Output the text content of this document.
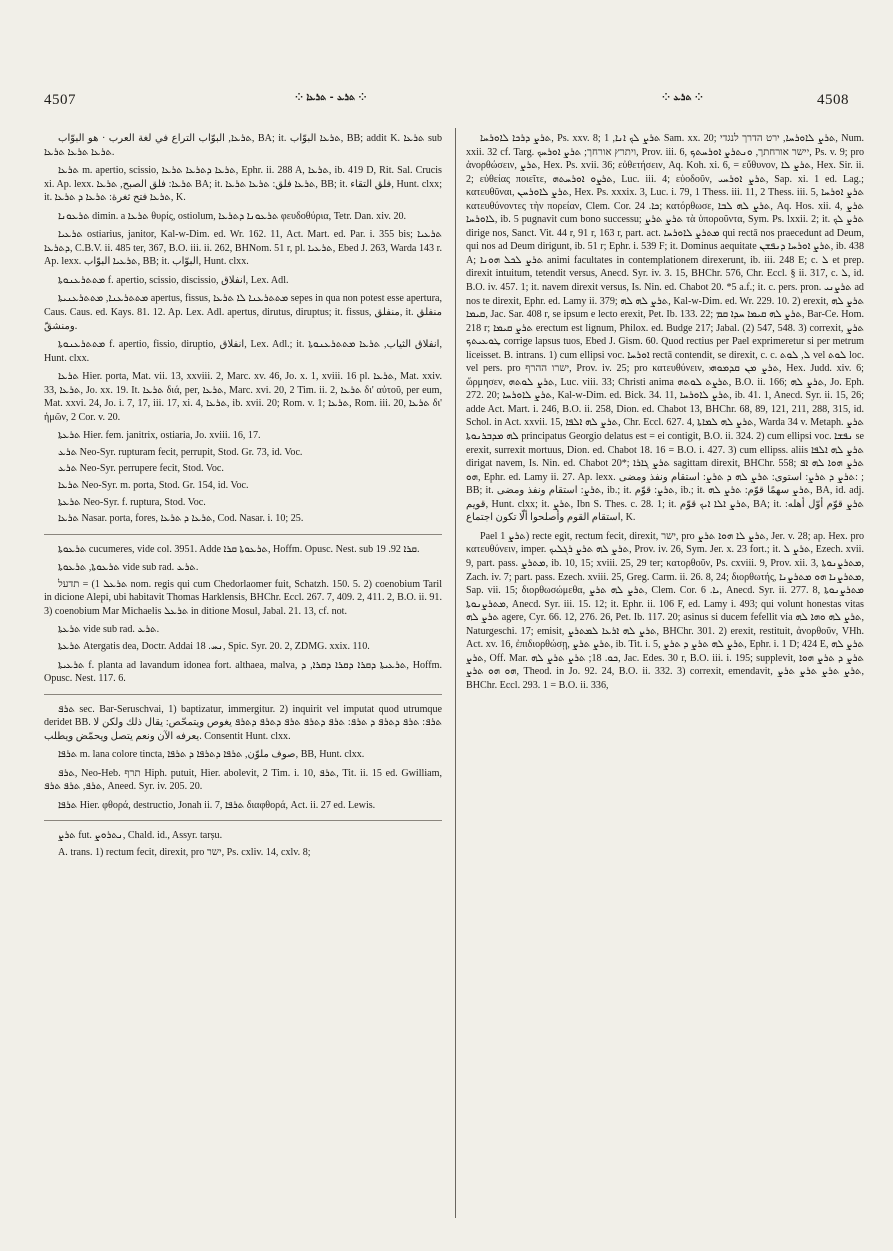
4507	⁘ ܬܪܥ - ܬܪܥܐ ⁘	⁘ ܬܪܥ ⁘	4508

ܬܪܥܐ, البوّاب التراع في لغة العرب · هو البوّاب, BA; it. ܬܪܥܐ البوّاب, BB; addit K. ܬܪܥܐ sub ܬܪܥܐ ܬܪܥܐ ܬܪܥܐ.

ܬܪܥܐ m. apertio, scissio, ܬܪܥܐ ܕܬܪܥܐ ܬܪܥܐ, Ephr. ii. 288 A, ܬܪܥܐ, ib. 419 D, Rit. Sal. Crucis xi. Ap. lexx. ܬܪܥܐ: فلق الصبح, ܬܪܥܐ BA; it. ܬܪܥܐ فلق: ܬܪܥܐ ܬܪܥܐ, BB; it. فلق التقاء, Hunt. clxx; it. ܬܪܥܐ فتح ثغرة: ܬܪܥܐ ܕ ܬܪܥܐ, K.

ܬܪܥܘܢܐ dimin. a ܬܪܥܐ θυρίς, ostiolum, ܬܪܥܘܢܐ ܕܬܪܥܐ φευδοθύρια, Tetr. Dan. xiv. 20.

ܬܪܥܝܐ ostiarius, janitor, Kal-w-Dim. ed. Wr. 162. 11, Act. Mart. ed. Par. i. 355 bis; ܬܪܥܝܐ ܕܬܪܥܐ, C.B.V. ii. 485 ter, 367, B.O. iii. ii. 262, BHNom. 51 r, pl. ܬܪܥܝܐ, Ebed J. 263, Warda 143 r. Ap. lexx. ܬܪܥܝܐ البوّاب, BB; it. البوّاب, Hunt. clxx.

ܡܬܬܪܥܢܘܬܐ f. apertio, scissio, discissio, انفلاق, Lex. Adl.

ܡܬܬܪܥܢܐ, ܡܬܬܪܥܢܝܬܐ apertus, fissus, ܡܬܬܪܥܢܐ ܠܐ ܬܪܥܐ sepes in qua non potest esse apertura, Caus. Caus. ed. Kays. 81. 12. Ap. Lex. Adl. apertus, dirutus, diruptus; it. fissus, منفلق, it. منفلق ومنشقّ.

ܡܬܬܪܥܢܘܬܐ f. apertio, fissio, diruptio, انفلاق, Lex. Adl.; it. انفلاق الثياب, ܬܪܥܐ ܡܬܬܪܥܢܘܬܐ, Hunt. clxx.

ܬܪܥܐ Hier. porta, Mat. vii. 13, xxviii. 2, Marc. xv. 46, Jo. x. 1, xviii. 16 pl. ܬܪܥܐ, Mat. xxiv. 33, ܬܪܥܐ, Jo. xx. 19. It. ܬܪܥܐ διά, per, ܬܪܥܐ, Marc. xvi. 20, 2 Tim. ii. 2, ܬܪܥܐ δι' αὐτοῦ, per eum, Mat. xxvi. 24, Jo. i. 7, 17, iii. 17, xi. 4, ܬܪܥܐ, ib. xvii. 20; Rom. v. 1; ܬܪܥܐ, Rom. iii. 20, ܬܪܥܐ δι' ἡμῶν, 2 Cor. v. 20.

ܬܪܥܬܐ Hier. fem. janitrix, ostiaria, Jo. xviii. 16, 17.

ܬܪܥ Neo-Syr. rupturam fecit, perrupit, Stod. Gr. 73, id. Voc.

ܬܪܥ Neo-Syr. perrupere fecit, Stod. Voc.

ܬܪܥܐ Neo-Syr. m. porta, Stod. Gr. 154, id. Voc.

ܬܪܥܬܐ Neo-Syr. f. ruptura, Stod. Voc.

ܬܪܥܐ Nasar. porta, fores, ܬܪܥܐ ܕ ܬܪܥܐ, Cod. Nasar. i. 10; 25.

ܬܪܥܘܬܐ cucumeres, vide col. 3951. Adde ܬܪܥܘܬܐ ܩܪܐ, Hoffm. Opusc. Nest. sub ܩܪܐ 92. 19.

ܬܪܥܘܬܐ, ܬܪܥܘܬܐ vide sub rad. ܬܪܥ.

ܬܪܥܠ 1) = תדעל nom. regis qui cum Chedorlaomer fuit, Schatzh. 150. 5. 2) coenobium Taril in dicione Alepi, ubi habitavit Thomas Harklensis, BHChr. Eccl. 267. 7, 409. 2, 411. 2, B.O. ii. 91. 3) coenobium Mar Michaelis ܬܪܥܠ in ditione Mosul, Jabal. 21. 13, cf. not.

ܬܪܥܬܐ vide sub rad. ܬܪܥ.

ܬܪܥܬܐ Atergatis dea, Doctr. Addai ܢܚ. 18, Spic. Syr. 20. 2, ZDMG. xxix. 110.

ܬܪܥܝܬܐ f. planta ad lavandum idonea fort. althaea, malva, ܬܪܥܝܬܐ ܕܩܪܐ ܕܩܪܐ ܕܩܪܐ, ܕ, Hoffm. Opusc. Nest. 117. 6.

ܬܪܦ sec. Bar-Seruschvai, 1) baptizatur, immergitur. 2) inquirit vel imputat quod utrumque deridet BB. ܬܪܦ: ܬܪܦ ܕܬܪܦ ܕ ܬܪܦ: ܬܪܦ ܕܬܪܦ ܬܪܦ ܕܬܪܦ ܕܬܪܦ يغوص ويتمحّص: يقال ذلك ولكن لا يعرفه الآن ونعم يتصل ويحمّض ويطلب. Consentit Hunt. clxx.

ܬܪܦܐ m. lana colore tincta, صوف ملوّن, ܬܪܦܐ ܕܬܪܦܐ ܕ ܬܪܦܐ, BB, Hunt. clxx.

ܬܪܦ, Neo-Heb. תרף Hiph. putuit, Hier. abolevit, 2 Tim. i. 10, ܬܪܦ, Tit. ii. 15 ed. Gwilliam, ܬܪܦ, ܬܪܦ ܬܪܦ, Aneed. Syr. iv. 205. 20.

ܬܪܦܐ Hier. φθορά, destructio, Jonah ii. 7, ܬܪܦܐ διαφθορά, Act. ii. 27 ed. Lewis.

ܬܪܨ fut. ܢܬܪܘܨ, Chald. id., Assyr. tarṣu.

A. trans. 1) rectum fecit, direxit, pro ישר, Ps. cxliv. 14, cxlv. 8;

ܬܪܨ ܕܪܟܐ ܠܐܘܪܚܐ, Ps. xxv. 8; ܬܪܨ ܠܟ ܐܢܐ, 1 Sam. xx. 20; ܬܪܨ ܠܐܘܪܚܐ, ירט הדרך לנגדי, Num. xxii. 32 cf. Targ. ויתרץ אורחך; ܬܪܨ ܐܘܪܚܟ, Prov. iii. 6, יישר אורחתך, ܘܢܬܪܨ ܐܘܪܚܬܟ, Ps. v. 9; pro ἀνορθώσειν, ܬܪܨ, Hex. Ps. xvii. 36; εὐθετήσειν, Aq. Koh. xi. 6, = εὔθυνον, ܬܪܨ ܠܐ, Hex. Sir. ii. 2; εὐθείας ποιεῖτε, ܬܪܨܘ ܐܘܪܚܬܗ, Luc. iii. 4; εὐοδοῦν, ܬܪܨ ܐܘܪܚܝ, Sap. xi. 1 ed. Lag.; κατευθῦναι, ܬܪܨ ܠܐܘܪܚܢ, Hex. Ps. xxxix. 3, Luc. i. 79, 1 Thess. iii. 11, 2 Thess. iii. 5, ܬܪܨ ܐܘܪܚܐ κατευθύνοντες τὴν πορείαν, Clem. Cor. ܟܐ. 24; κατόρθωσε, ܬܪܨ ܠܗ ܠܒܐ, Aq. Hos. xii. 4, ܬܪܨ ܠܐܘܪܚܐ, ib. 5 pugnavit cum bono successu; ܬܪܨ ܬܪܨ τὰ ὑποροῦντα, Sym. Ps. lxxii. 2; it. ܬܪܨ ܠܟ dirige nos, Sanct. Vit. 44 r, 91 r, 163 r, part. act. ܡܬܪܨ ܠܐܘܪܚܐ qui rectā nos praecedunt ad Deum, qui nos ad Deum dirigunt, ib. 51 r; Ephr. i. 539 F; it. Dominus aequitate ܬܪܨ ܐܘܪܚܐ ܕܢܦܫܢ, ib. 438 A; ܬܪܨ ܠܟܠ ܗܘܢܐ animi facultates in contemplationem direxerunt, ib. iii. 248 E; c. ܠ et prep. direxit intuitum, tetendit versus, Anecd. Syr. iv. 3. 15, BHChr. 576, Chr. Eccl. § ii. 317, c. ܠ, id. B.O. iv. 457. 1; it. navem direxit versus, Is. Nin. ed. Chabot 20. *5 a.f.; it. c. pers. pron. ܬܪܨܢܝ ad nos te direxit, Ephr. ed. Lamy ii. 379; ܬܪܨ ܠܗ ܠܗ, Kal-w-Dim. ed. Wr. 229. 10. 2) erexit, ܬܪܨ ܠܗ ܩܝܡܐ, Jac. Sar. 408 r, se ipsum e lecto erexit, Pet. Ib. 133. 22; ܬܪܨ ܠܗ ܩܝܡܐ ܚܕܐ ܩܡ, Bar-Ce. Hom. 218 r; ܬܪܨ ܩܝܡܐ erectum est lignum, Philox. ed. Budge 217; Jabal. (2) 547, 548. 3) correxit, ܬܪܨ ܛܘܥܝܬܟ corrige lapsus tuos, Ebed J. Gism. 60. Quod rectius per Pael exprimeretur si per metrum liceisset. B. intrans. 1) cum ellipsi voc. ܐܘܪܚܐ rectā contendit, se direxit, c. c. ܠ, ܠܘܬ vel ܠܘܬ loc. vel pers. pro ישרו ההרף, Prov. iv. 25; pro κατευθύνειν, ܬܪܨ ܡܢ ܩܕܡܘܗܝ, Hex. Judd. xiv. 6; ὥρμησεν, ܬܪܨ ܠܘܬܗ, Luc. viii. 33; Christi anima ܬܪܨܬ ܠܘܬܗ, B.O. ii. 166; ܬܪܨ ܠܗ, Jo. Eph. 272. 20; ܬܪܨ ܠܐܘܪܚܐ, Kal-w-Dim. ed. Bick. 34. 11, ܬܪܨ ܠܐܘܪܚܐ, ib. 41. 1, Anecd. Syr. ii. 15, 26; adde Act. Mart. i. 246, B.O. ii. 258, Dion. ed. Chabot 13, BHChr. 68, 89, 121, 211, 288, 315, id. Schol. in Act. xxvii. 15, ܬܪܨ ܠܗ ܐܠܦܐ, Chr. Eccl. 627. 4, ܬܪܨ ܠܗ ܠܡܐܬܐ, Warda 34 v. Metaph. ܬܪܨ ܠܗ ܡܕܒܪܢܘܬܐ principatus Georgio delatus est = ei contigit, B.O. ii. 324. 2) cum ellipsi voc. ܢܦܫܐ se erexit, surrexit mortuus, Dion. ed. Chabot 18. 16 = B.O. i. 427. 3) cum ellipss. aliis ܬܪܨ ܠܗ ܐܠܦܐ dirigat navem, Is. Nin. ed. Chabot 20*; ܬܪܨ ܓܐܪܐ sagittam direxit, BHChr. 558; ܬܪܨ ܗܘܐ ܠܗ ܐܦ ܗܘ, Ephr. ed. Lamy ii. 27. Ap. lexx. ܬܪܨ ܕ ܬܪܨ: استوى: ܬܪܨ ܠܗ ܕ ܬܪܨ: استقام ونفذ ومضى: ; BB; it. ܬܪܨ: استقام ونفذ ومضى, ib.; it. ܬܪܨ: قوّم, ib.; it. ܬܪܨ سهمًا قوّم: ܬܪܨ ܠܗ, BA, id. adj. قويم, Hunt. clxx; it. ܬܪܨ, Ibn S. Thes. c. 28. 1; it. ܬܪܨ ܐܠܐ ܐܝܟ قوّم, BA; it. ܬܪܨ قوّم أوّل أهله: استقام القوم وأصلحوا ألّا تكون اجتماع, K.

Pael ܬܪܨ 1) recte egit, rectum fecit, direxit, ישר, pro ܬܪܨ ܠܐ ܗܘܐ ܬܪܨ, Jer. v. 28; ap. Hex. pro κατευθύνειν, imper. ܬܪܨ ܠܗ ܬܪܨ ܪܓܠܝܟ, Prov. iv. 26, Sym. Jer. x. 23 fort.; it. ܬܪܨ ܠ, Ezech. xvii. 9, part. pass. ܡܬܪܨ, ib. 10, 15; xviii. 25, 29 ter; κατορθοῦν, Ps. cxviii. 9, Prov. xii. 3, ܡܬܪܨܢܘܬܐ, Zach. iv. 7; part. pass. Ezech. xviii. 25, Greg. Carm. ii. 26. 8, 24; διορθωτής, ܡܬܪܨܢܐ ܗܘ ܡܬܪܨܢܐ, Sap. vii. 15; διορθωσώμεθα, ܬܪܨ ܠܗ ܬܪܨ, Clem. Cor. ܝܐ. 6, Anecd. Syr. ii. 277. 8, ܡܬܪܨܢܘܬܐ ܡܬܪܨܢܘܬܐ, Anecd. Syr. iii. 15. 12; it. Ephr. ii. 106 F, ed. Lamy i. 493; qui volunt honestas vitas ܬܪܨ ܠܗ agere, Cyr. 66. 12, 276. 26, Pet. Ib. 117. 20; asinus si ducem fefellit via ܬܪܨ ܠܗ ܘܗܐ ܠܗ, Naturgeschi. 17; emisit, ܬܪܨ ܠܗ ܐܪܥܐ ܠܡܬܪܨ, BHChr. 301. 2) erexit, restituit, ἀνορθοῦν, VHh. Act. xv. 16, ἐπιδιορθώσῃ, ܬܪܨ ܬܪܨ, ib. Tit. i. 5, ܬܪܨ ܠܗ ܬܪܨ ܕ ܬܪܨ, Ephr. i. 1 D; 424 E, ܬܪܨ ܠܗ ܬܪܨ, Off. Mar. ܟܘ. 18; ܬܪܨ ܬܪܨ ܠܗ, Jac. Edes. 30 r, B.O. iii. i. 195; supplevit, ܬܪܨ ܕ ܬܪܨ ܗܘܐ ܗܘ ܗܘ ܬܪܨ, Theod. in Jo. 92. 24, B.O. ii. 332. 3) correxit, emendavit, ܬܪܨ ܬܪܨ ܬܪܨ ܬܪܨ, BHChr. Eccl. 293. 1 = B.O. ii. 336,
